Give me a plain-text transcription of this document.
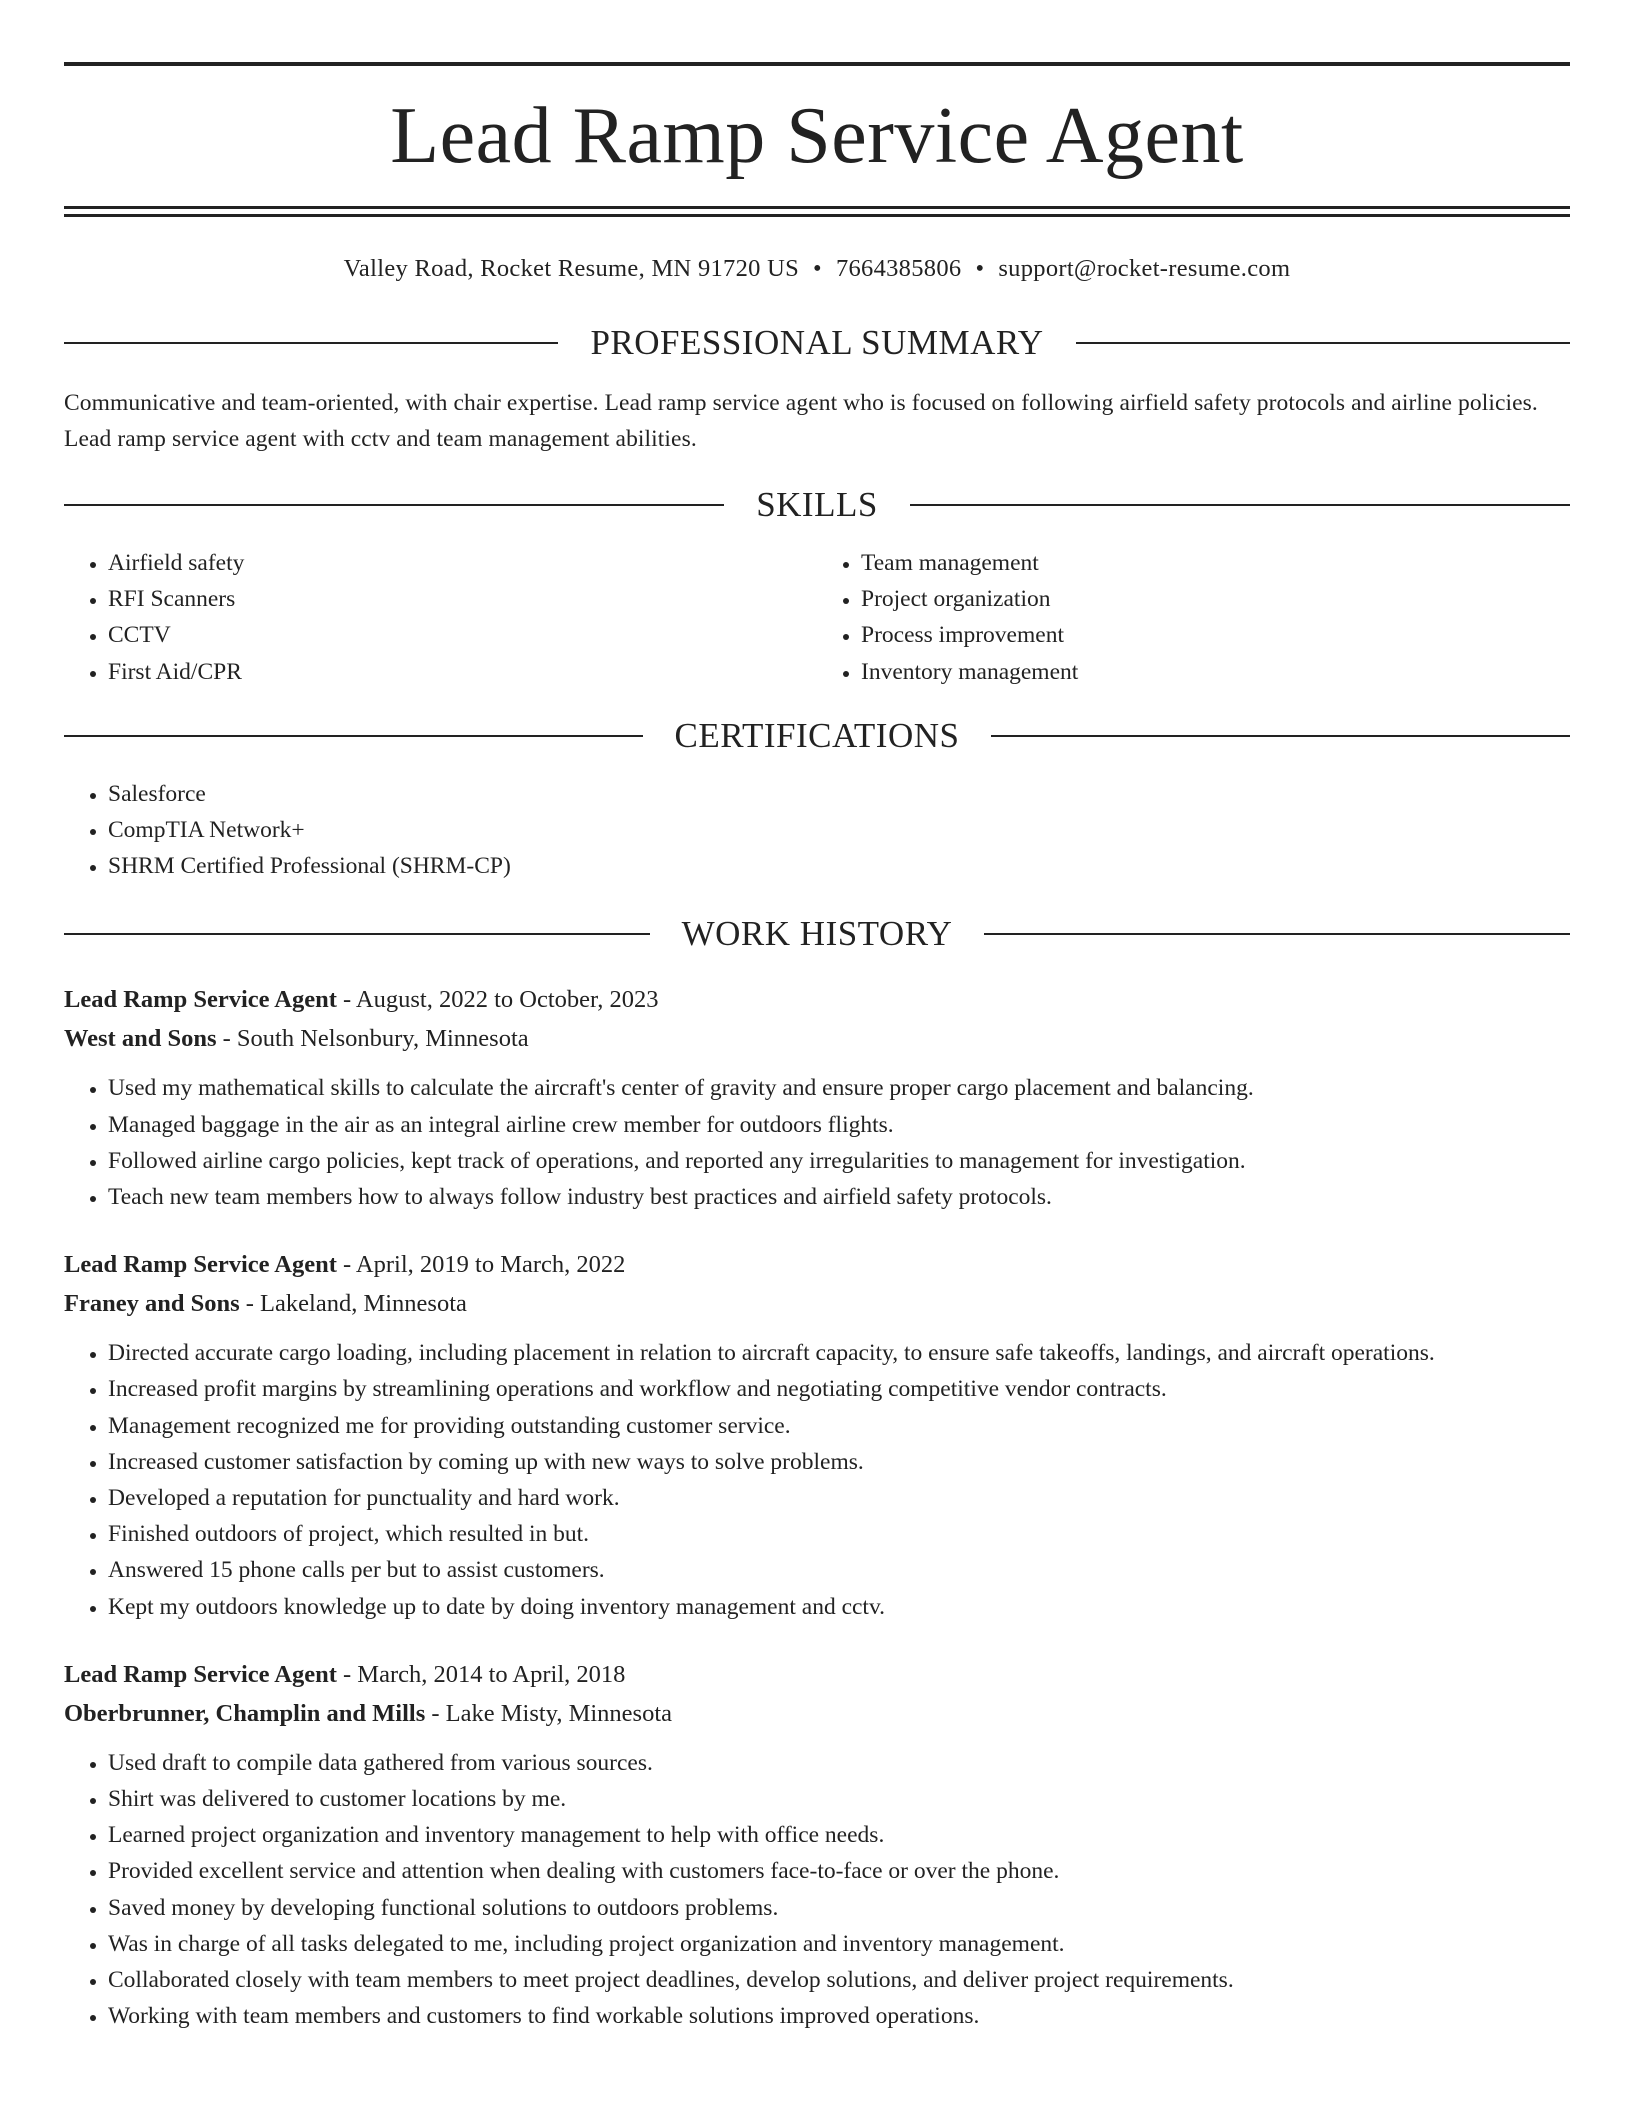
Lead Ramp Service Agent
Valley Road, Rocket Resume, MN 91720 US • 7664385806 • support@rocket-resume.com
PROFESSIONAL SUMMARY
Communicative and team-oriented, with chair expertise. Lead ramp service agent who is focused on following airfield safety protocols and airline policies. Lead ramp service agent with cctv and team management abilities.
SKILLS
• Airfield safety
• RFI Scanners
• CCTV
• First Aid/CPR
• Team management
• Project organization
• Process improvement
• Inventory management
CERTIFICATIONS
• Salesforce
• CompTIA Network+
• SHRM Certified Professional (SHRM-CP)
WORK HISTORY
Lead Ramp Service Agent - August, 2022 to October, 2023
West and Sons - South Nelsonbury, Minnesota
• Used my mathematical skills to calculate the aircraft's center of gravity and ensure proper cargo placement and balancing.
• Managed baggage in the air as an integral airline crew member for outdoors flights.
• Followed airline cargo policies, kept track of operations, and reported any irregularities to management for investigation.
• Teach new team members how to always follow industry best practices and airfield safety protocols.
Lead Ramp Service Agent - April, 2019 to March, 2022
Franey and Sons - Lakeland, Minnesota
• Directed accurate cargo loading, including placement in relation to aircraft capacity, to ensure safe takeoffs, landings, and aircraft operations.
• Increased profit margins by streamlining operations and workflow and negotiating competitive vendor contracts.
• Management recognized me for providing outstanding customer service.
• Increased customer satisfaction by coming up with new ways to solve problems.
• Developed a reputation for punctuality and hard work.
• Finished outdoors of project, which resulted in but.
• Answered 15 phone calls per but to assist customers.
• Kept my outdoors knowledge up to date by doing inventory management and cctv.
Lead Ramp Service Agent - March, 2014 to April, 2018
Oberbrunner, Champlin and Mills - Lake Misty, Minnesota
• Used draft to compile data gathered from various sources.
• Shirt was delivered to customer locations by me.
• Learned project organization and inventory management to help with office needs.
• Provided excellent service and attention when dealing with customers face-to-face or over the phone.
• Saved money by developing functional solutions to outdoors problems.
• Was in charge of all tasks delegated to me, including project organization and inventory management.
• Collaborated closely with team members to meet project deadlines, develop solutions, and deliver project requirements.
• Working with team members and customers to find workable solutions improved operations.
